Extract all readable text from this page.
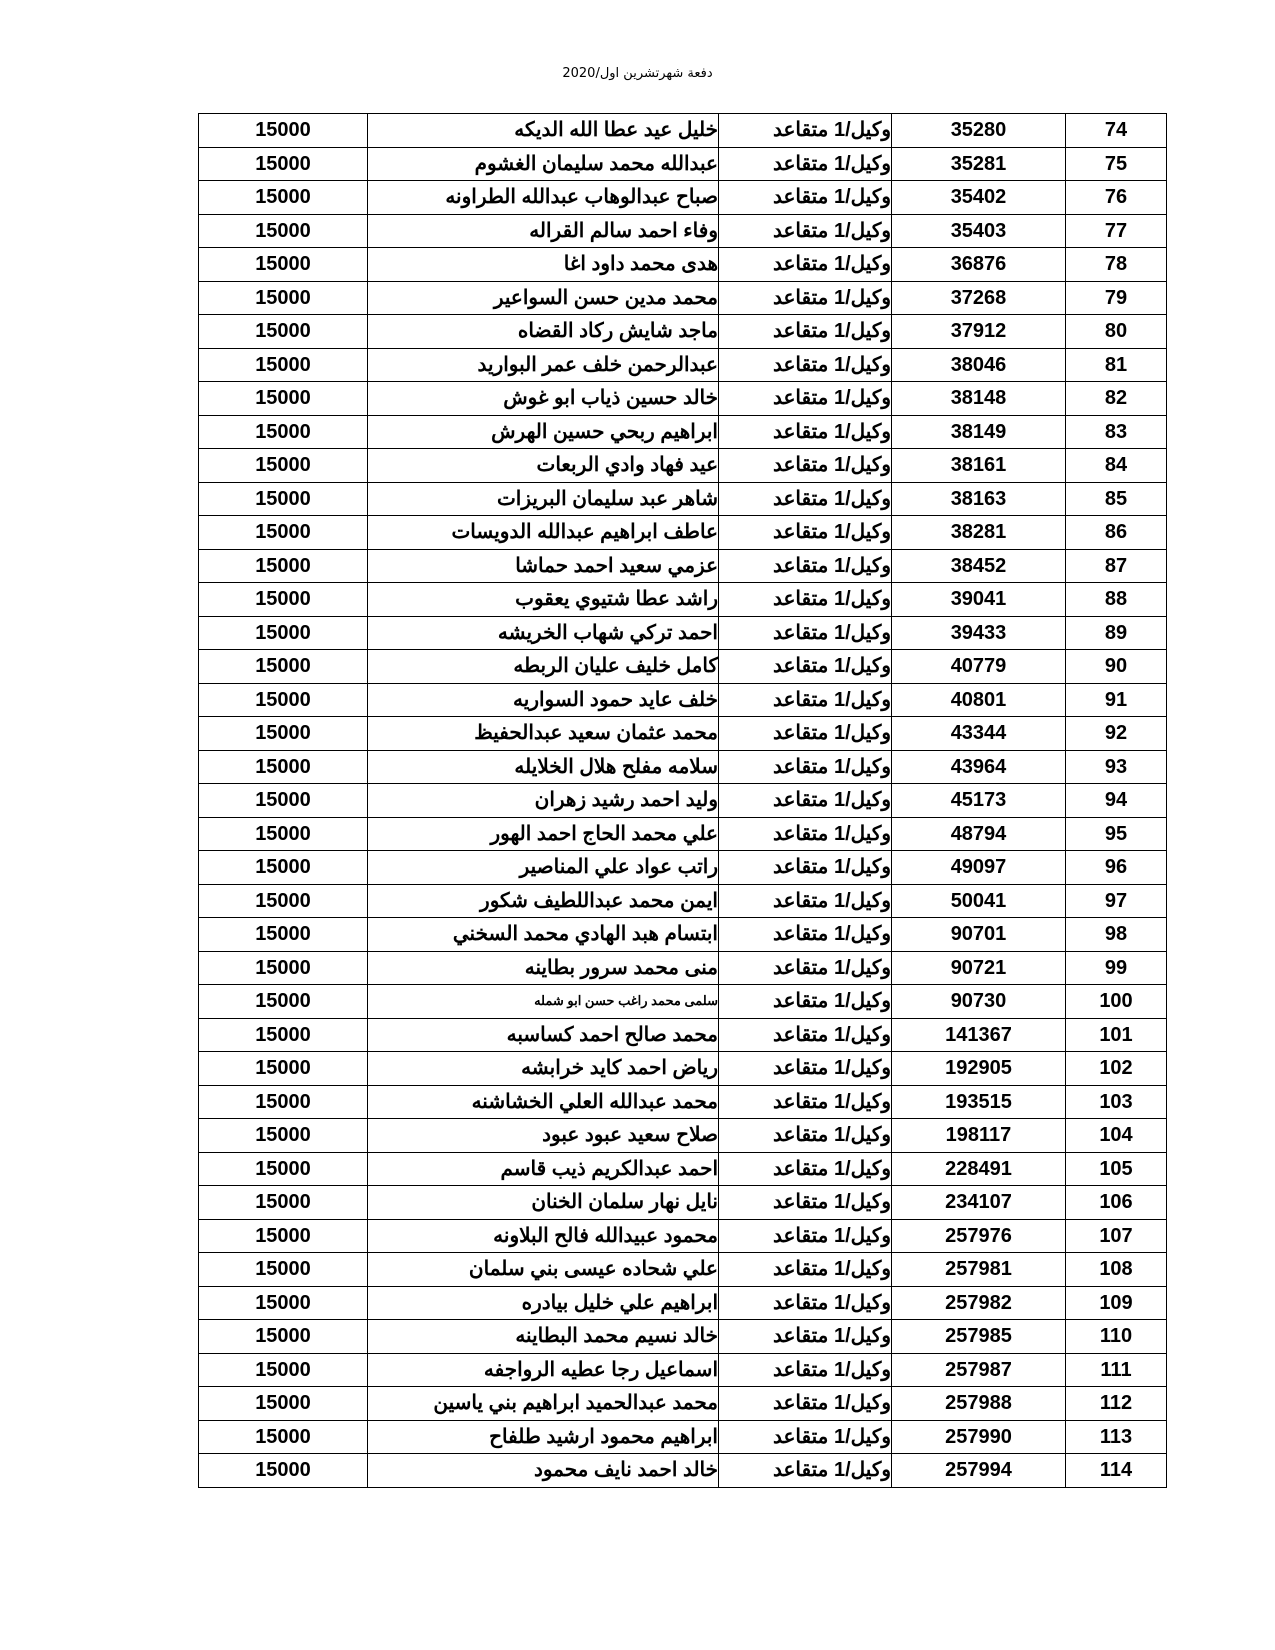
دفعة شهرتشرين اول/2020
15000	خليل عيد عطا الله الديكه	وكيل/1 متقاعد	35280	74
15000	عبدالله محمد سليمان الغشوم	وكيل/1 متقاعد	35281	75
15000	صباح عبدالوهاب عبدالله الطراونه	وكيل/1 متقاعد	35402	76
15000	وفاء احمد سالم القراله	وكيل/1 متقاعد	35403	77
15000	هدى محمد داود اغا	وكيل/1 متقاعد	36876	78
15000	محمد مدين حسن السواعير	وكيل/1 متقاعد	37268	79
15000	ماجد شايش ركاد القضاه	وكيل/1 متقاعد	37912	80
15000	عبدالرحمن خلف عمر البواريد	وكيل/1 متقاعد	38046	81
15000	خالد حسين ذياب ابو غوش	وكيل/1 متقاعد	38148	82
15000	ابراهيم ربحي حسين الهرش	وكيل/1 متقاعد	38149	83
15000	عيد فهاد وادي الربعات	وكيل/1 متقاعد	38161	84
15000	شاهر عبد سليمان البريزات	وكيل/1 متقاعد	38163	85
15000	عاطف ابراهيم عبدالله الدويسات	وكيل/1 متقاعد	38281	86
15000	عزمي سعيد احمد حماشا	وكيل/1 متقاعد	38452	87
15000	راشد عطا شتيوي يعقوب	وكيل/1 متقاعد	39041	88
15000	احمد تركي شهاب الخريشه	وكيل/1 متقاعد	39433	89
15000	كامل خليف عليان الربطه	وكيل/1 متقاعد	40779	90
15000	خلف عايد حمود السواريه	وكيل/1 متقاعد	40801	91
15000	محمد عثمان سعيد عبدالحفيظ	وكيل/1 متقاعد	43344	92
15000	سلامه مفلح هلال الخلايله	وكيل/1 متقاعد	43964	93
15000	وليد احمد رشيد زهران	وكيل/1 متقاعد	45173	94
15000	علي محمد الحاج احمد الهور	وكيل/1 متقاعد	48794	95
15000	راتب عواد علي المناصير	وكيل/1 متقاعد	49097	96
15000	ايمن محمد عبداللطيف شكور	وكيل/1 متقاعد	50041	97
15000	ابتسام هبد الهادي محمد السخني	وكيل/1 متقاعد	90701	98
15000	منى محمد سرور بطاينه	وكيل/1 متقاعد	90721	99
15000	سلمى محمد راغب حسن ابو شمله	وكيل/1 متقاعد	90730	100
15000	محمد صالح احمد كساسبه	وكيل/1 متقاعد	141367	101
15000	رياض احمد كايد خرابشه	وكيل/1 متقاعد	192905	102
15000	محمد عبدالله العلي الخشاشنه	وكيل/1 متقاعد	193515	103
15000	صلاح سعيد عبود عبود	وكيل/1 متقاعد	198117	104
15000	احمد عبدالكريم ذيب قاسم	وكيل/1 متقاعد	228491	105
15000	نايل نهار سلمان الخنان	وكيل/1 متقاعد	234107	106
15000	محمود عبيدالله فالح البلاونه	وكيل/1 متقاعد	257976	107
15000	علي شحاده عيسى بني سلمان	وكيل/1 متقاعد	257981	108
15000	ابراهيم علي خليل بيادره	وكيل/1 متقاعد	257982	109
15000	خالد نسيم محمد البطاينه	وكيل/1 متقاعد	257985	110
15000	اسماعيل رجا عطيه الرواجفه	وكيل/1 متقاعد	257987	111
15000	محمد عبدالحميد ابراهيم بني ياسين	وكيل/1 متقاعد	257988	112
15000	ابراهيم محمود ارشيد طلفاح	وكيل/1 متقاعد	257990	113
15000	خالد احمد نايف محمود	وكيل/1 متقاعد	257994	114
